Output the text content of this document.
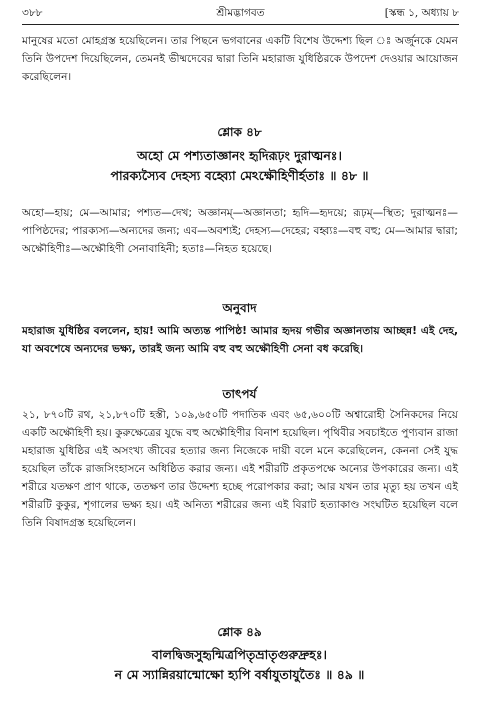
৩৮৮	শ্রীমদ্ভাগবত	[স্কন্ধ ১, অধ্যায় ৮

মানুষের মতো মোহগ্রস্ত হয়েছিলেন। তার পিছনে ভগবানের একটি বিশেষ উদ্দেশ্য ছিল ঃ অর্জুনকে যেমন তিনি উপদেশ দিয়েছিলেন, তেমনই ভীষ্মদেবের দ্বারা তিনি মহারাজ যুধিষ্ঠিরকে উপদেশ দেওয়ার আয়োজন করেছিলেন।

শ্লোক ৪৮

অহো মে পশ্যতাজ্ঞানং হৃদিরূঢ়ং দুরাত্মনঃ।
পারক্যস্যৈব দেহস্য বহ্ব্যো মেঽক্ষৌহিণীর্হতাঃ ॥ ৪৮ ॥

অহো—হায়; মে—আমার; পশ্যত—দেখ; অজ্ঞানম্—অজ্ঞানতা; হৃদি—হৃদয়ে; রূঢ়ম্—স্থিত; দুরাত্মনঃ—পাপিষ্ঠদের; পারক্যস্য—অন্যদের জন্য; এব—অবশ্যই; দেহস্য—দেহের; বহ্ব্যঃ—বহু বহু; মে—আমার দ্বারা; অক্ষৌহিণীঃ—অক্ষৌহিণী সেনাবাহিনী; হতাঃ—নিহত হয়েছে।

অনুবাদ

মহারাজ যুধিষ্ঠির বললেন, হায়! আমি অত্যন্ত পাপিষ্ঠ! আমার হৃদয় গভীর অজ্ঞানতায় আচ্ছন্ন! এই দেহ, যা অবশেষে অন্যদের ভক্ষ্য, তারই জন্য আমি বহু বহু অক্ষৌহিণী সেনা বধ করেছি।

তাৎপর্য

২১, ৮৭০টি রথ, ২১,৮৭০টি হস্তী, ১০৯,৬৫০টি পদাতিক এবং ৬৫,৬০০টি অশ্বারোহী সৈনিকদের নিয়ে একটি অক্ষৌহিণী হয়। কুরুক্ষেত্রের যুদ্ধে বহু অক্ষৌহিণীর বিনাশ হয়েছিল। পৃথিবীর সবচাইতে পুণ্যবান রাজা মহারাজ যুধিষ্ঠির এই অসংখ্য জীবের হত্যার জন্য নিজেকে দায়ী বলে মনে করেছিলেন, কেননা সেই যুদ্ধ হয়েছিল তাঁকে রাজসিংহাসনে অধিষ্ঠিত করার জন্য। এই শরীরটি প্রকৃতপক্ষে অন্যের উপকারের জন্য। এই শরীরে যতক্ষণ প্রাণ থাকে, ততক্ষণ তার উদ্দেশ্য হচ্ছে পরোপকার করা; আর যখন তার মৃত্যু হয় তখন এই শরীরটি কুকুর, শৃগালের ভক্ষ্য হয়। এই অনিত্য শরীরের জন্য এই বিরাট হত্যাকাণ্ড সংঘটিত হয়েছিল বলে তিনি বিষাদগ্রস্ত হয়েছিলেন।

শ্লোক ৪৯

বালদ্বিজসুহৃন্মিত্রপিতৃভ্রাতৃগুরুদ্রুহঃ।
ন মে স্যান্নিরয়ান্মোক্ষো হ্যপি বর্ষাযুতাযুতৈঃ ॥ ৪৯ ॥
